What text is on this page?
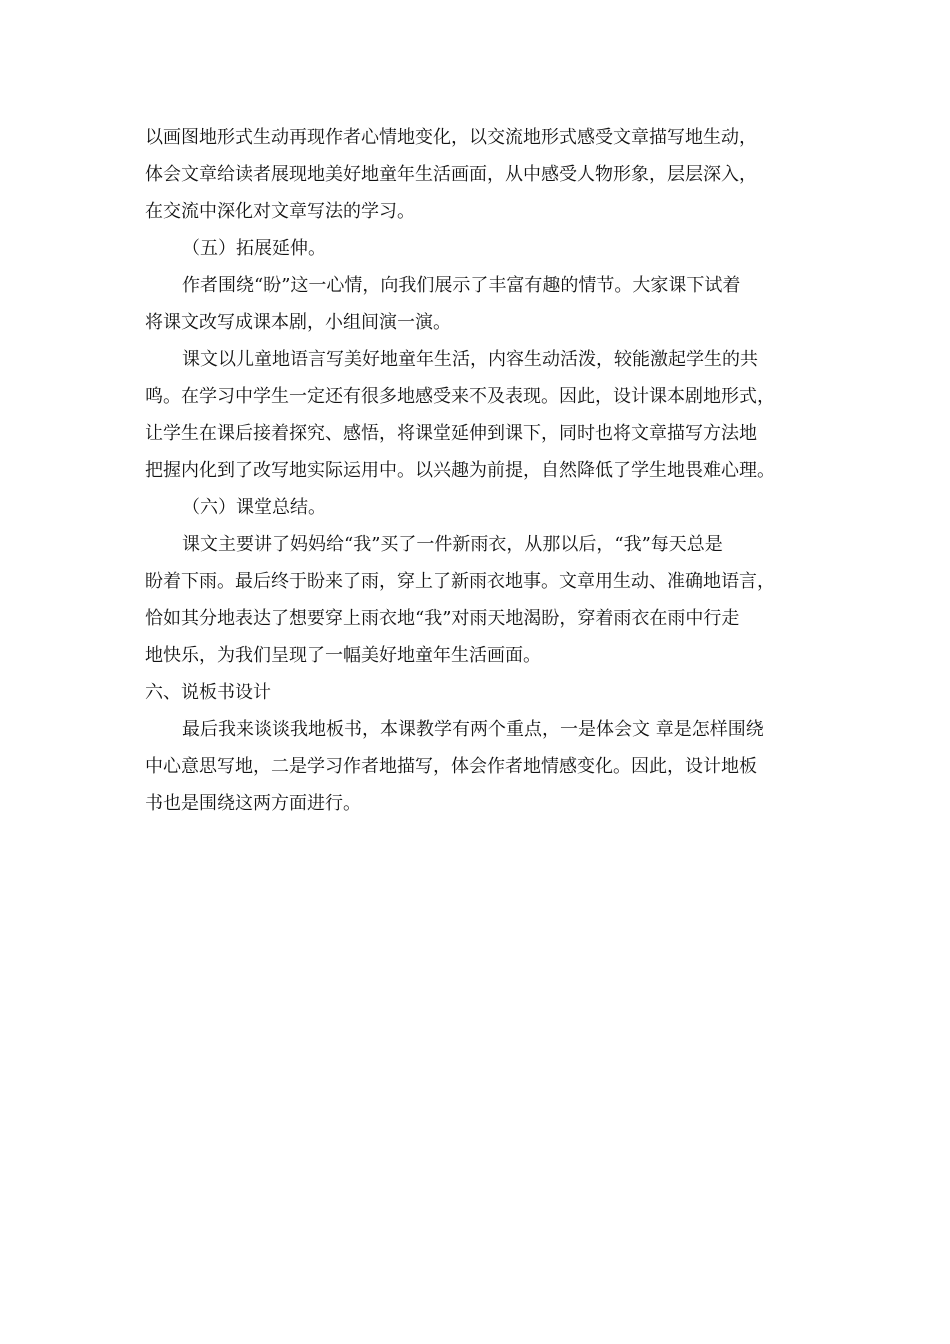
以画图地形式生动再现作者心情地变化，以交流地形式感受文章描写地生动，
体会文章给读者展现地美好地童年生活画面，从中感受人物形象，层层深入，
在交流中深化对文章写法的学习。
（五）拓展延伸。
作者围绕“盼”这一心情，向我们展示了丰富有趣的情节。大家课下试着
将课文改写成课本剧，小组间演一演。
课文以儿童地语言写美好地童年生活，内容生动活泼，较能激起学生的共
鸣。在学习中学生一定还有很多地感受来不及表现。因此，设计课本剧地形式，
让学生在课后接着探究、感悟，将课堂延伸到课下，同时也将文章描写方法地
把握内化到了改写地实际运用中。以兴趣为前提，自然降低了学生地畏难心理。
（六）课堂总结。
课文主要讲了妈妈给“我”买了一件新雨衣，从那以后，“我”每天总是
盼着下雨。最后终于盼来了雨，穿上了新雨衣地事。文章用生动、准确地语言，
恰如其分地表达了想要穿上雨衣地“我”对雨天地渴盼，穿着雨衣在雨中行走
地快乐，为我们呈现了一幅美好地童年生活画面。
六、说板书设计
最后我来谈谈我地板书，本课教学有两个重点，一是体会文 章是怎样围绕
中心意思写地，二是学习作者地描写，体会作者地情感变化。因此，设计地板
书也是围绕这两方面进行。
